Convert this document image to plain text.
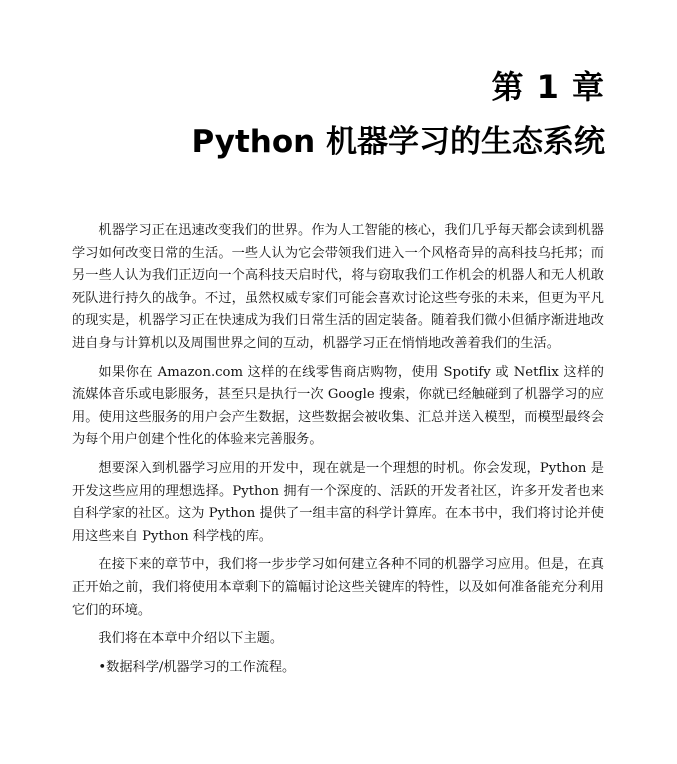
第 1 章
Python 机器学习的生态系统

机器学习正在迅速改变我们的世界。作为人工智能的核心，我们几乎每天都会读到机器学习如何改变日常的生活。一些人认为它会带领我们进入一个风格奇异的高科技乌托邦；而另一些人认为我们正迈向一个高科技天启时代，将与窃取我们工作机会的机器人和无人机敢死队进行持久的战争。不过，虽然权威专家们可能会喜欢讨论这些夸张的未来，但更为平凡的现实是，机器学习正在快速成为我们日常生活的固定装备。随着我们微小但循序渐进地改进自身与计算机以及周围世界之间的互动，机器学习正在悄悄地改善着我们的生活。

如果你在 Amazon.com 这样的在线零售商店购物，使用 Spotify 或 Netflix 这样的流媒体音乐或电影服务，甚至只是执行一次 Google 搜索，你就已经触碰到了机器学习的应用。使用这些服务的用户会产生数据，这些数据会被收集、汇总并送入模型，而模型最终会为每个用户创建个性化的体验来完善服务。

想要深入到机器学习应用的开发中，现在就是一个理想的时机。你会发现，Python 是开发这些应用的理想选择。Python 拥有一个深度的、活跃的开发者社区，许多开发者也来自科学家的社区。这为 Python 提供了一组丰富的科学计算库。在本书中，我们将讨论并使用这些来自 Python 科学栈的库。

在接下来的章节中，我们将一步步学习如何建立各种不同的机器学习应用。但是，在真正开始之前，我们将使用本章剩下的篇幅讨论这些关键库的特性，以及如何准备能充分利用它们的环境。

我们将在本章中介绍以下主题。

•数据科学/机器学习的工作流程。
